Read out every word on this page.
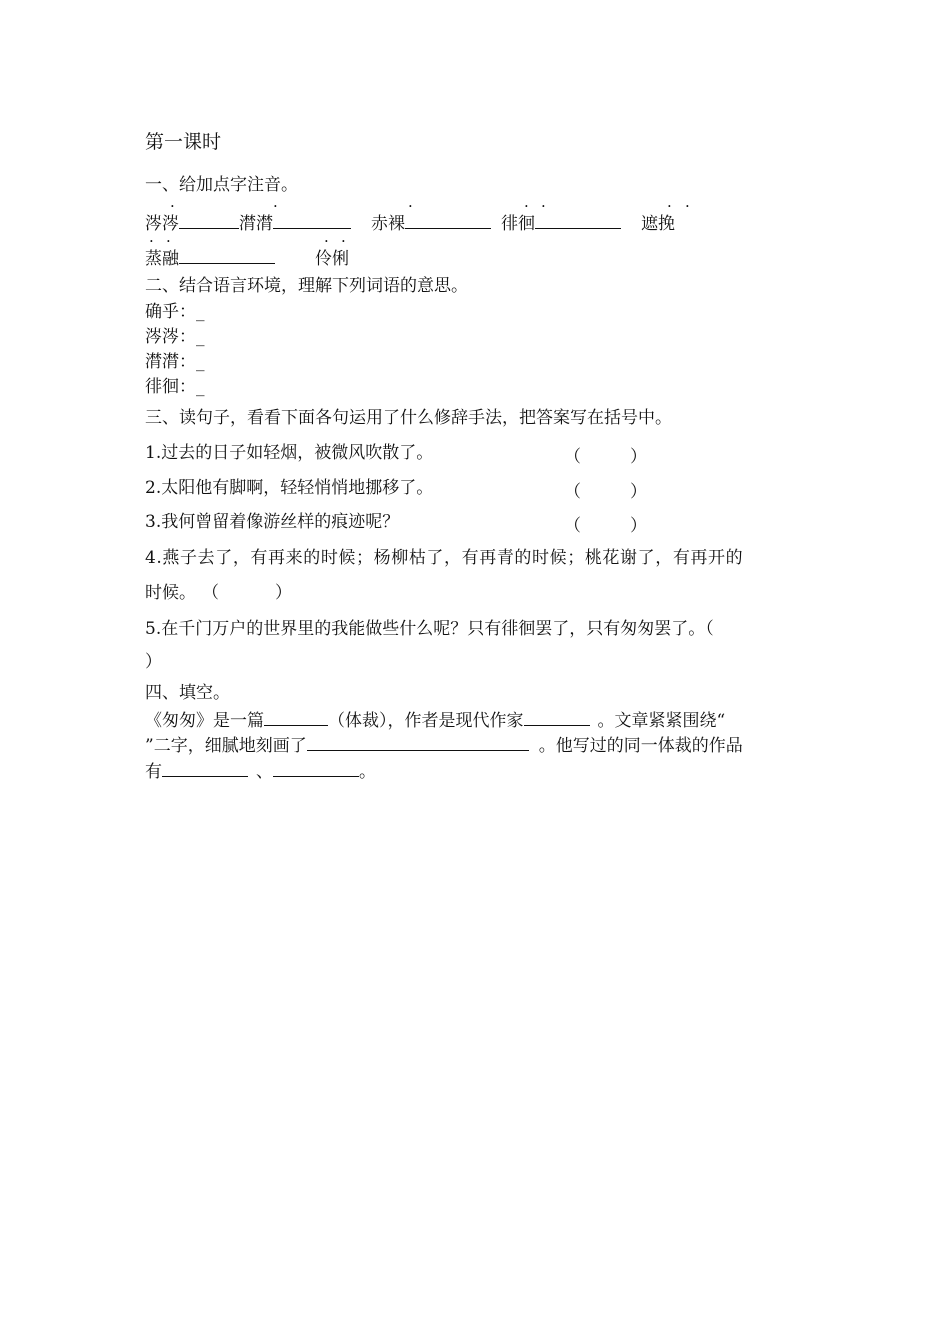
第一课时
一、给加点字注音。
涔涔	潸潸	赤裸	徘徊	遮挽
·	·	·	· ·	· ·
蒸融	伶俐
· ·	· ·
二、结合语言环境，理解下列词语的意思。
确乎：_
涔涔：_
潸潸：_
徘徊：_
三、读句子，看看下面各句运用了什么修辞手法，把答案写在括号中。
1.过去的日子如轻烟，被微风吹散了。	（	）
2.太阳他有脚啊，轻轻悄悄地挪移了。	（	）
3.我何曾留着像游丝样的痕迹呢？	（	）
4.燕子去了，有再来的时候；杨柳枯了，有再青的时候；桃花谢了，有再开的
时候。 （	）
5.在千门万户的世界里的我能做些什么呢？只有徘徊罢了，只有匆匆罢了。（
）
四、填空。
《匆匆》是一篇	（体裁），作者是现代作家	。文章紧紧围绕“
”二字，细腻地刻画了	。他写过的同一体裁的作品
有	、	。
